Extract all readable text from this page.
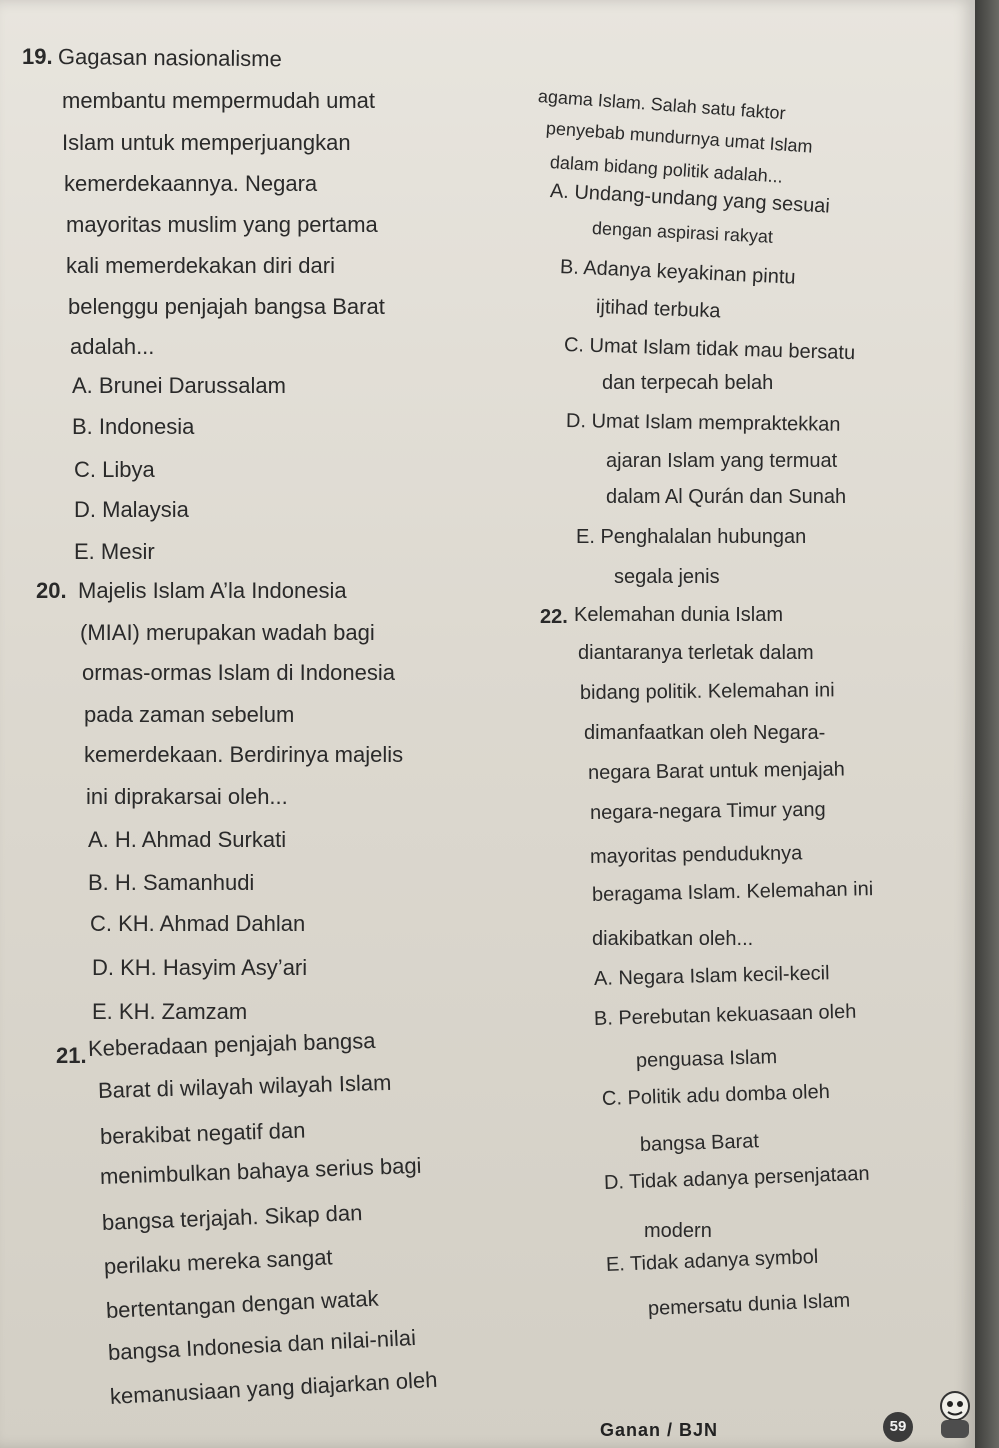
19. Gagasan nasionalisme
membantu mempermudah umat
Islam untuk memperjuangkan
kemerdekaannya. Negara
mayoritas muslim yang pertama
kali memerdekakan diri dari
belenggu penjajah bangsa Barat
adalah...
A. Brunei Darussalam
B. Indonesia
C. Libya
D. Malaysia
E. Mesir
20. Majelis Islam A’la Indonesia
(MIAI) merupakan wadah bagi
ormas-ormas Islam di Indonesia
pada zaman sebelum
kemerdekaan. Berdirinya majelis
ini diprakarsai oleh...
A. H. Ahmad Surkati
B. H. Samanhudi
C. KH. Ahmad Dahlan
D. KH. Hasyim Asy’ari
E. KH. Zamzam
21. Keberadaan penjajah bangsa
Barat di wilayah wilayah Islam
berakibat negatif dan
menimbulkan bahaya serius bagi
bangsa terjajah. Sikap dan
perilaku mereka sangat
bertentangan dengan watak
bangsa Indonesia dan nilai-nilai
kemanusiaan yang diajarkan oleh
agama Islam. Salah satu faktor
penyebab mundurnya umat Islam
dalam bidang politik adalah...
A. Undang-undang yang sesuai
dengan aspirasi rakyat
B. Adanya keyakinan pintu
ijtihad terbuka
C. Umat Islam tidak mau bersatu
dan terpecah belah
D. Umat Islam mempraktekkan
ajaran Islam yang termuat
dalam Al Qurán dan Sunah
E. Penghalalan hubungan
segala jenis
22. Kelemahan dunia Islam
diantaranya terletak dalam
bidang politik. Kelemahan ini
dimanfaatkan oleh Negara-
negara Barat untuk menjajah
negara-negara Timur yang
mayoritas penduduknya
beragama Islam. Kelemahan ini
diakibatkan oleh...
A. Negara Islam kecil-kecil
B. Perebutan kekuasaan oleh
penguasa Islam
C. Politik adu domba oleh
bangsa Barat
D. Tidak adanya persenjataan
modern
E. Tidak adanya symbol
pemersatu dunia Islam
Ganan / BJN	59
